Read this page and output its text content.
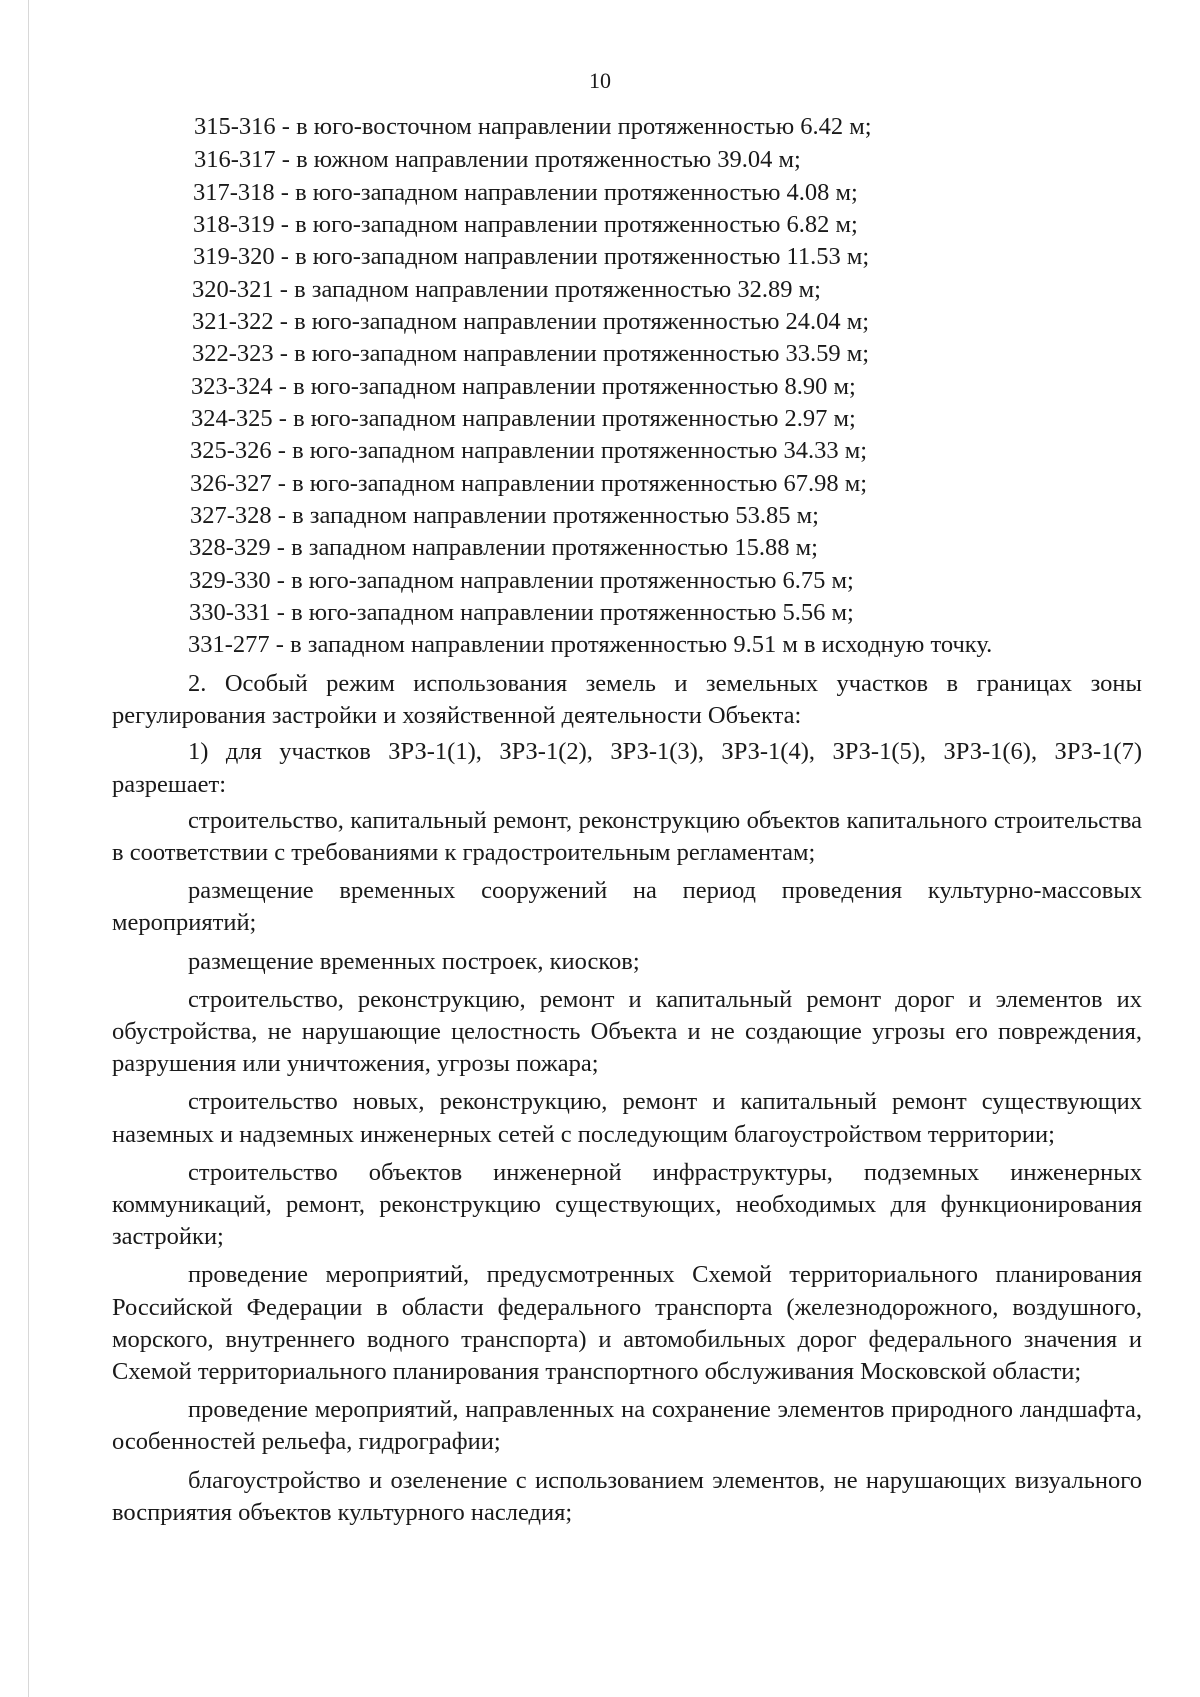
10
315-316 - в юго-восточном направлении протяженностью 6.42 м;
316-317 - в южном направлении протяженностью 39.04 м;
317-318 - в юго-западном направлении протяженностью 4.08 м;
318-319 - в юго-западном направлении протяженностью 6.82 м;
319-320 - в юго-западном направлении протяженностью 11.53 м;
320-321 - в западном направлении протяженностью 32.89 м;
321-322 - в юго-западном направлении протяженностью 24.04 м;
322-323 - в юго-западном направлении протяженностью 33.59 м;
323-324 - в юго-западном направлении протяженностью 8.90 м;
324-325 - в юго-западном направлении протяженностью 2.97 м;
325-326 - в юго-западном направлении протяженностью 34.33 м;
326-327 - в юго-западном направлении протяженностью 67.98 м;
327-328 - в западном направлении протяженностью 53.85 м;
328-329 - в западном направлении протяженностью 15.88 м;
329-330 - в юго-западном направлении протяженностью 6.75 м;
330-331 - в юго-западном направлении протяженностью 5.56 м;
331-277 - в западном направлении протяженностью 9.51 м в исходную точку.

2. Особый режим использования земель и земельных участков в границах зоны регулирования застройки и хозяйственной деятельности Объекта:

1) для участков ЗРЗ-1(1), ЗРЗ-1(2), ЗРЗ-1(3), ЗРЗ-1(4), ЗРЗ-1(5), ЗРЗ-1(6), ЗРЗ-1(7) разрешает:

строительство, капитальный ремонт, реконструкцию объектов капитального строительства в соответствии с требованиями к градостроительным регламентам;

размещение временных сооружений на период проведения культурно-массовых мероприятий;

размещение временных построек, киосков;

строительство, реконструкцию, ремонт и капитальный ремонт дорог и элементов их обустройства, не нарушающие целостность Объекта и не создающие угрозы его повреждения, разрушения или уничтожения, угрозы пожара;

строительство новых, реконструкцию, ремонт и капитальный ремонт существующих наземных и надземных инженерных сетей с последующим благоустройством территории;

строительство объектов инженерной инфраструктуры, подземных инженерных коммуникаций, ремонт, реконструкцию существующих, необходимых для функционирования застройки;

проведение мероприятий, предусмотренных Схемой территориального планирования Российской Федерации в области федерального транспорта (железнодорожного, воздушного, морского, внутреннего водного транспорта) и автомобильных дорог федерального значения и Схемой территориального планирования транспортного обслуживания Московской области;

проведение мероприятий, направленных на сохранение элементов природного ландшафта, особенностей рельефа, гидрографии;

благоустройство и озеленение с использованием элементов, не нарушающих визуального восприятия объектов культурного наследия;
